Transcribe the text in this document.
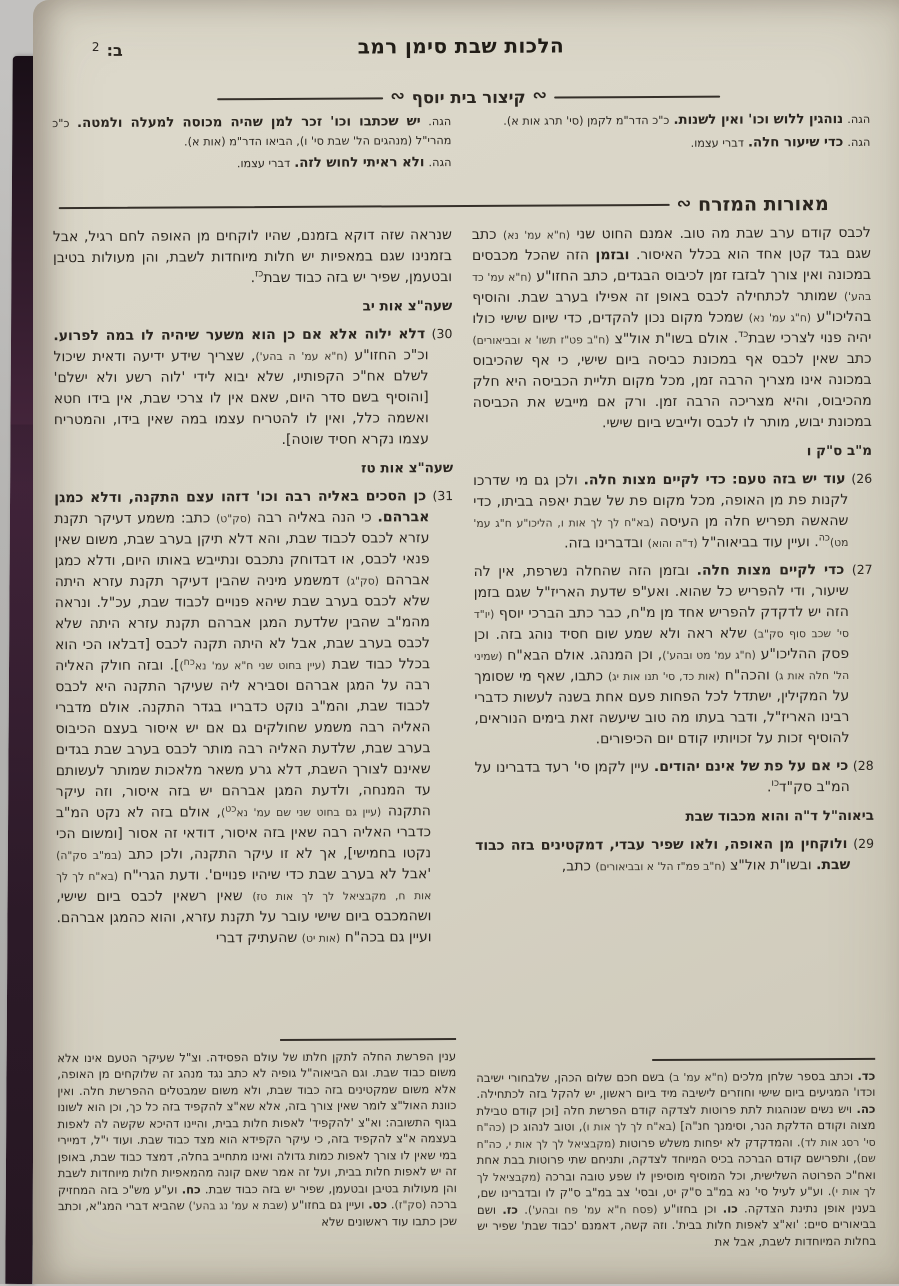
ב: $^2$	הלכות שבת סימן רמב
∾
קיצור בית יוסף
∾

הגה. נוהגין ללוש וכו' ואין לשנות. כ"כ הדר"מ לקמן (סי' תרג אות א).

הגה. כדי שיעור חלה. דברי עצמו.

הגה. יש שכתבו וכו' זכר למן שהיה מכוסה למעלה ולמטה. כ"כ מהרי"ל (מנהגים הל' שבת סי' ו), הביאו הדר"מ (אות א).

הגה. ולא ראיתי לחוש לזה. דברי עצמו.

מאורות המזרח
∾

לכבס קודם ערב שבת מה טוב. אמנם החוט שני (ח"א עמ' נא) כתב שגם בגד קטן אחד הוא בכלל האיסור. ובזמן הזה שהכל מכבסים במכונה ואין צורך לבזבז זמן לכיבוס הבגדים, כתב החזו"ע (ח"א עמ' כד בהע') שמותר לכתחילה לכבס באופן זה אפילו בערב שבת. והוסיף בהליכו"ע (ח"ג עמ' נא) שמכל מקום נכון להקדים, כדי שיום שישי כולו יהיה פנוי לצרכי שבת$^{כד}$. אולם בשו"ת אול"צ (ח"ב פט"ז תשו' א ובביאורים) כתב שאין לכבס אף במכונת כביסה ביום שישי, כי אף שהכיבוס במכונה אינו מצריך הרבה זמן, מכל מקום תליית הכביסה היא חלק מהכיבוס, והיא מצריכה הרבה זמן. ורק אם מייבש את הכביסה במכונת יבוש, מותר לו לכבס ולייבש ביום שישי.

מ"ב ס"ק ו

(26 עוד יש בזה טעם: כדי לקיים מצות חלה. ולכן גם מי שדרכו לקנות פת מן האופה, מכל מקום פת של שבת יאפה בביתו, כדי שהאשה תפריש חלה מן העיסה (בא"ח לך לך אות ו, הליכו"ע ח"ג עמ' מט)$^{כה}$. ועיין עוד בביאוה"ל (ד"ה והוא) ובדברינו בזה.

(27 כדי לקיים מצות חלה. ובזמן הזה שהחלה נשרפת, אין לה שיעור, ודי להפריש כל שהוא. ואע"פ שדעת האריז"ל שגם בזמן הזה יש לדקדק להפריש אחד מן מ"ח, כבר כתב הברכי יוסף (יו"ד סי' שכב סוף סק"ב) שלא ראה ולא שמע שום חסיד נוהג בזה. וכן פסק ההליכו"ע (ח"ג עמ' מט ובהע'), וכן המנהג. אולם הבא"ח (שמיני הל' חלה אות ג) והכה"ח (אות כד, סי' תנו אות יג) כתבו, שאף מי שסומך על המקילין, ישתדל לכל הפחות פעם אחת בשנה לעשות כדברי רבינו האריז"ל, ודבר בעתו מה טוב שיעשה זאת בימים הנוראים, להוסיף זכות על זכויותיו קודם יום הכיפורים.

(28 כי אם על פת של אינם יהודים. עיין לקמן סי' רעד בדברינו על המ"ב סק"ד$^{כו}$.

ביאוה"ל ד"ה והוא מכבוד שבת

(29 ולוקחין מן האופה, ולאו שפיר עבדי, דמקטינים בזה כבוד שבת. ובשו"ת אול"צ (ח"ב פמ"ז הל' א ובביאורים) כתב,

כד. וכתב בספר שלחן מלכים (ח"א עמ' ב) בשם חכם שלום הכהן, שלבחורי ישיבה וכדו' המגיעים ביום שישי וחוזרים לישיבה מיד ביום ראשון, יש להקל בזה לכתחילה. כה. ויש נשים שנוהגות לתת פרוטות לצדקה קודם הפרשת חלה [וכן קודם טבילת מצוה וקודם הדלקת הנר, וסימנך חנ"ה] (בא"ח לך לך אות ו), וטוב לנהוג כן (כה"ח סי' רסג אות לד). והמדקדק לא יפחות משלש פרוטות (מקבציאל לך לך אות י, כה"ח שם), ותפרישם קודם הברכה בכיס המיוחד לצדקה, ותניחם שתי פרוטות בבת אחת ואח"כ הפרוטה השלישית, וכל המוסיף מוסיפין לו שפע טובה וברכה (מקבציאל לך לך אות י). וע"ע לעיל סי' נא במ"ב ס"ק יט, ובסי' צב במ"ב ס"ק לו ובדברינו שם, בענין אופן נתינת הצדקה. כו. וכן בחזו"ע (פסח ח"א עמ' פח ובהע'). כז. ושם בביאורים סיים: 'וא"צ לאפות חלות בבית'. וזה קשה, דאמנם 'כבוד שבת' שפיר יש בחלות המיוחדות לשבת, אבל את

שנראה שזה דוקא בזמנם, שהיו לוקחים מן האופה לחם רגיל, אבל בזמנינו שגם במאפיות יש חלות מיוחדות לשבת, והן מעולות בטיבן ובטעמן, שפיר יש בזה כבוד שבת$^{כז}$.

שעה"צ אות יב

(30 דלא ילוה אלא אם כן הוא משער שיהיה לו במה לפרוע. וכ"כ החזו"ע (ח"א עמ' ה בהע'), שצריך שידע ידיעה ודאית שיכול לשלם אח"כ הקפותיו, שלא יבוא לידי 'לוה רשע ולא ישלם' [והוסיף בשם סדר היום, שאם אין לו צרכי שבת, אין בידו חטא ואשמה כלל, ואין לו להטריח עצמו במה שאין בידו, והמטריח עצמו נקרא חסיד שוטה].

שעה"צ אות טז

(31 כן הסכים באליה רבה וכו' דזהו עצם התקנה, ודלא כמגן אברהם. כי הנה באליה רבה (סק"ט) כתב: משמע דעיקר תקנת עזרא לכבס לכבוד שבת, והא דלא תיקן בערב שבת, משום שאין פנאי לכבס, או דבדוחק נתכבס ונתייבש באותו היום, ודלא כמגן אברהם (סק"ג) דמשמע מיניה שהבין דעיקר תקנת עזרא היתה שלא לכבס בערב שבת שיהא פנויים לכבוד שבת, עכ"ל. ונראה מהמ"ב שהבין שלדעת המגן אברהם תקנת עזרא היתה שלא לכבס בערב שבת, אבל לא היתה תקנה לכבס [דבלאו הכי הוא בכלל כבוד שבת (עיין בחוט שני ח"א עמ' נא$^{כח}$)]. ובזה חולק האליה רבה על המגן אברהם וסבירא ליה שעיקר התקנה היא לכבס לכבוד שבת, והמ"ב נוקט כדבריו בגדר התקנה. אולם מדברי האליה רבה משמע שחולקים גם אם יש איסור בעצם הכיבוס בערב שבת, שלדעת האליה רבה מותר לכבס בערב שבת בגדים שאינם לצורך השבת, דלא גרע משאר מלאכות שמותר לעשותם עד המנחה, ולדעת המגן אברהם יש בזה איסור, וזה עיקר התקנה (עיין גם בחוט שני שם עמ' נא$^{כט}$), אולם בזה לא נקט המ"ב כדברי האליה רבה שאין בזה איסור, דודאי זה אסור [ומשום הכי נקטו בחמישי], אך לא זו עיקר התקנה, ולכן כתב (במ"ב סק"ה) 'אבל לא בערב שבת כדי שיהיו פנויים'. ודעת הגרי"ח (בא"ח לך לך אות ח, מקבציאל לך לך אות טז) שאין רשאין לכבס ביום שישי, ושהמכבס ביום שישי עובר על תקנת עזרא, והוא כהמגן אברהם. ועיין גם בכה"ח (אות יט) שהעתיק דברי

ענין הפרשת החלה לתקן חלתו של עולם הפסידה. וצ"ל שעיקר הטעם אינו אלא משום כבוד שבת. וגם הביאוה"ל גופיה לא כתב נגד מנהג זה שלוקחים מן האופה, אלא משום שמקטינים בזה כבוד שבת, ולא משום שמבטלים ההפרשת חלה. ואין כוונת האול"צ לומר שאין צורך בזה, אלא שא"צ להקפיד בזה כל כך, וכן הוא לשונו בגוף התשובה: וא"צ 'להקפיד' לאפות חלות בבית, והיינו דהיכא שקשה לה לאפות בעצמה א"צ להקפיד בזה, כי עיקר הקפידא הוא מצד כבוד שבת. ועוד י"ל, דמיירי במי שאין לו צורך לאפות כמות גדולה ואינו מתחייב בחלה, דמצד כבוד שבת, באופן זה יש לאפות חלות בבית, ועל זה אמר שאם קונה מהמאפיות חלות מיוחדות לשבת והן מעולות בטיבן ובטעמן, שפיר יש בזה כבוד שבת. כח. וע"ע מש"כ בזה המחזיק ברכה (סק"ז). כט. ועיין גם בחזו"ע (שבת א עמ' נג בהע') שהביא דברי המג"א, וכתב שכן כתבו עוד ראשונים שלא
